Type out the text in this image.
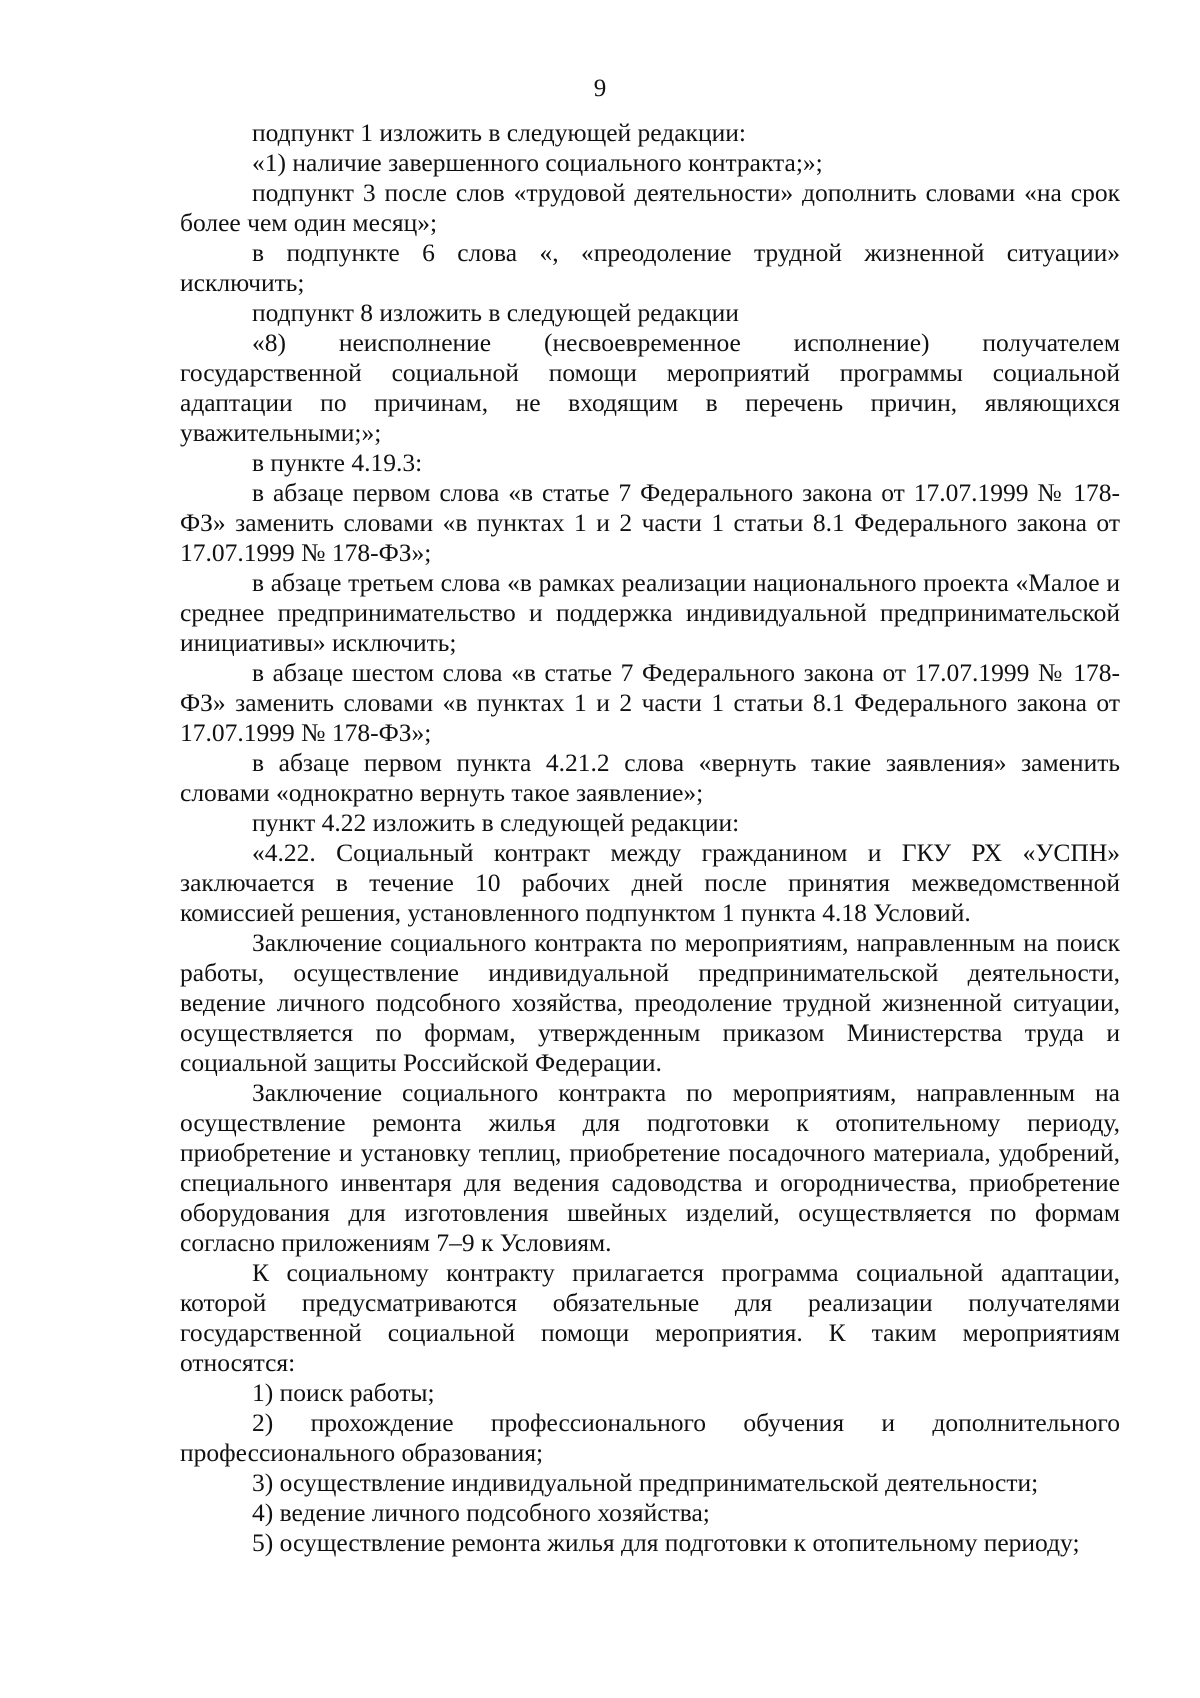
9

подпункт 1 изложить в следующей редакции:

«1) наличие завершенного социального контракта;»;

подпункт 3 после слов «трудовой деятельности» дополнить словами «на срок более чем один месяц»;

в подпункте 6 слова «, «преодоление трудной жизненной ситуации» исключить;

подпункт 8 изложить в следующей редакции

«8) неисполнение (несвоевременное исполнение) получателем государственной социальной помощи мероприятий программы социальной адаптации по причинам, не входящим в перечень причин, являющихся уважительными;»;

в пункте 4.19.3:

в абзаце первом слова «в статье 7 Федерального закона от 17.07.1999 № 178-ФЗ» заменить словами «в пунктах 1 и 2 части 1 статьи 8.1 Федерального закона от 17.07.1999 № 178-ФЗ»;

в абзаце третьем слова «в рамках реализации национального проекта «Малое и среднее предпринимательство и поддержка индивидуальной предпринимательской инициативы» исключить;

в абзаце шестом слова «в статье 7 Федерального закона от 17.07.1999 № 178-ФЗ» заменить словами «в пунктах 1 и 2 части 1 статьи 8.1 Федерального закона от 17.07.1999 № 178-ФЗ»;

в абзаце первом пункта 4.21.2 слова «вернуть такие заявления» заменить словами «однократно вернуть такое заявление»;

пункт 4.22 изложить в следующей редакции:

«4.22. Социальный контракт между гражданином и ГКУ РХ «УСПН» заключается в течение 10 рабочих дней после принятия межведомственной комиссией решения, установленного подпунктом 1 пункта 4.18 Условий.

Заключение социального контракта по мероприятиям, направленным на поиск работы, осуществление индивидуальной предпринимательской деятельности, ведение личного подсобного хозяйства, преодоление трудной жизненной ситуации, осуществляется по формам, утвержденным приказом Министерства труда и социальной защиты Российской Федерации.

Заключение социального контракта по мероприятиям, направленным на осуществление ремонта жилья для подготовки к отопительному периоду, приобретение и установку теплиц, приобретение посадочного материала, удобрений, специального инвентаря для ведения садоводства и огородничества, приобретение оборудования для изготовления швейных изделий, осуществляется по формам согласно приложениям 7–9 к Условиям.

К социальному контракту прилагается программа социальной адаптации, которой предусматриваются обязательные для реализации получателями государственной социальной помощи мероприятия. К таким мероприятиям относятся:

1) поиск работы;

2) прохождение профессионального обучения и дополнительного профессионального образования;

3) осуществление индивидуальной предпринимательской деятельности;

4) ведение личного подсобного хозяйства;

5) осуществление ремонта жилья для подготовки к отопительному периоду;
